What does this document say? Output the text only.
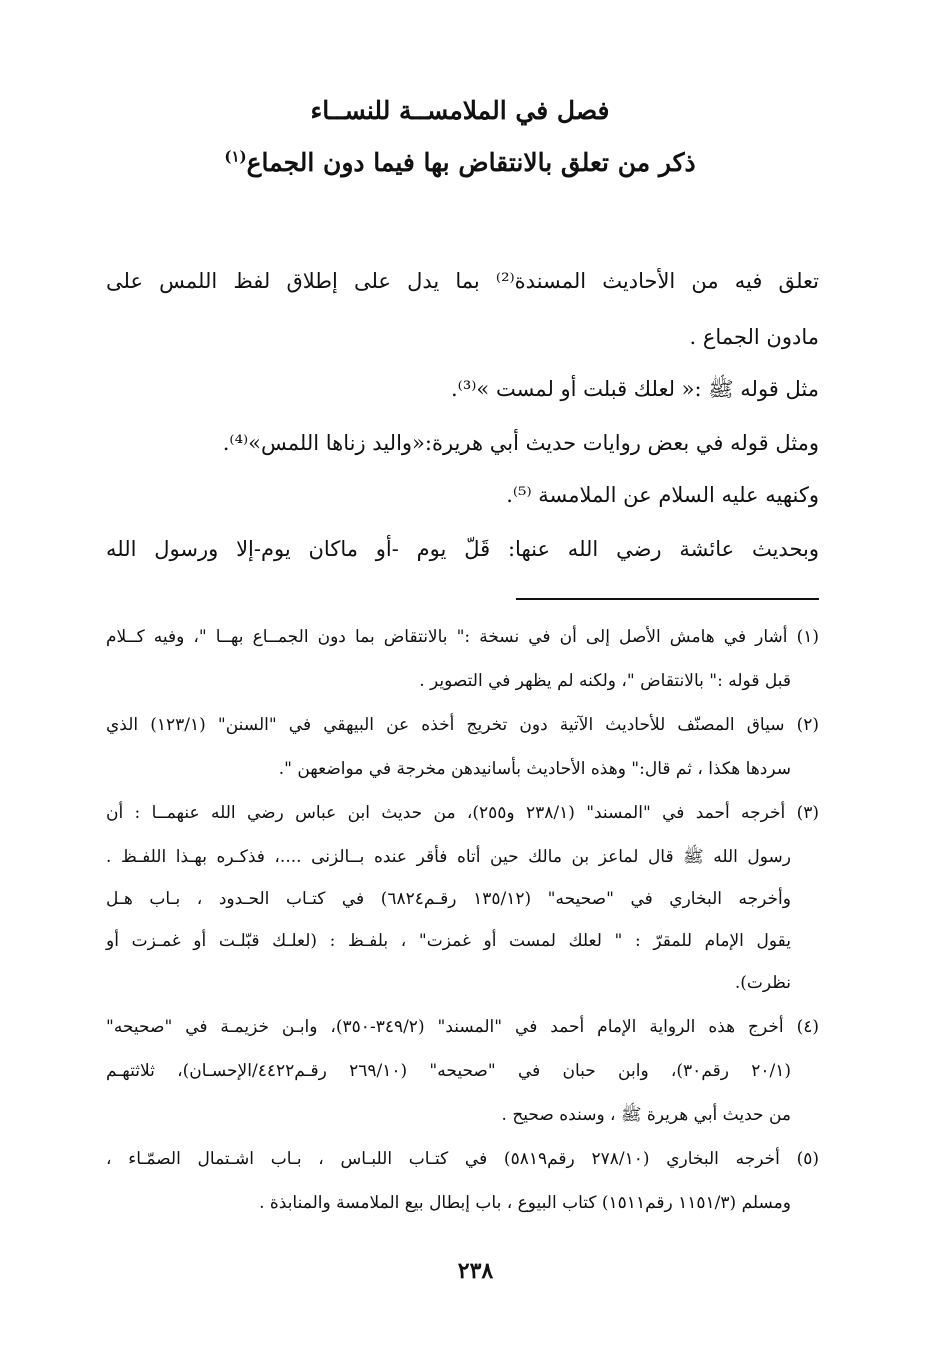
فصل في الملامســة للنســاء
ذكر من تعلق بالانتقاض بها فيما دون الجماع$^{(١)}$
تعلق فيه من الأحاديث المسندة⁽²⁾ بما يدل على إطلاق لفظ اللمس على
مادون الجماع .
مثل قوله ﷺ :« لعلك قبلت أو لمست »⁽³⁾.
ومثل قوله في بعض روايات حديث أبي هريرة:«واليد زناها اللمس»⁽⁴⁾.
وكنهيه عليه السلام عن الملامسة ⁽⁵⁾.
وبحديث عائشة رضي الله عنها: قَلّ يوم -أو ماكان يوم-إلا ورسول الله
(١) أشار في هامش الأصل إلى أن في نسخة :" بالانتقاض بما دون الجمــاع بهــا "، وفيه كــلام
قبل قوله :" بالانتقاض "، ولكنه لم يظهر في التصوير .
(٢) سياق المصنّف للأحاديث الآتية دون تخريج أخذه عن البيهقي في "السنن" (١٢٣/١) الذي
سردها هكذا ، ثم قال:" وهذه الأحاديث بأسانيدهن مخرجة في مواضعهن ".
(٣) أخرجه أحمد في "المسند" (٢٣٨/١ و٢٥٥)، من حديث ابن عباس رضي الله عنهمــا : أن
رسول الله ﷺ قال لماعز بن مالك حين أتاه فأقر عنده بــالزنى ....، فذكـره بهـذا اللفـظ .
وأخرجه البخاري في "صحيحه" (١٣٥/١٢ رقـم٦٨٢٤) في كتـاب الحـدود ، بـاب هـل
يقول الإمام للمقرّ : " لعلك لمست أو غمزت" ، بلفـظ : (لعلـك قبّلـت أو غمـزت أو
نظرت).
(٤) أخرج هذه الرواية الإمام أحمد في "المسند" (٣٤٩/٢-٣٥٠)، وابـن خزيمـة في "صحيحه"
(٢٠/١ رقم٣٠)، وابن حبان في "صحيحه" (٢٦٩/١٠ رقـم٤٤٢٢/الإحسـان)، ثلاثتهـم
من حديث أبي هريرة ﷺ ، وسنده صحيح .
(٥) أخرجه البخاري (٢٧٨/١٠ رقم٥٨١٩) في كتـاب اللبـاس ، بـاب اشـتمال الصمّـاء ،
ومسلم (١١٥١/٣ رقم١٥١١) كتاب البيوع ، باب إبطال بيع الملامسة والمنابذة .
٢٣٨
